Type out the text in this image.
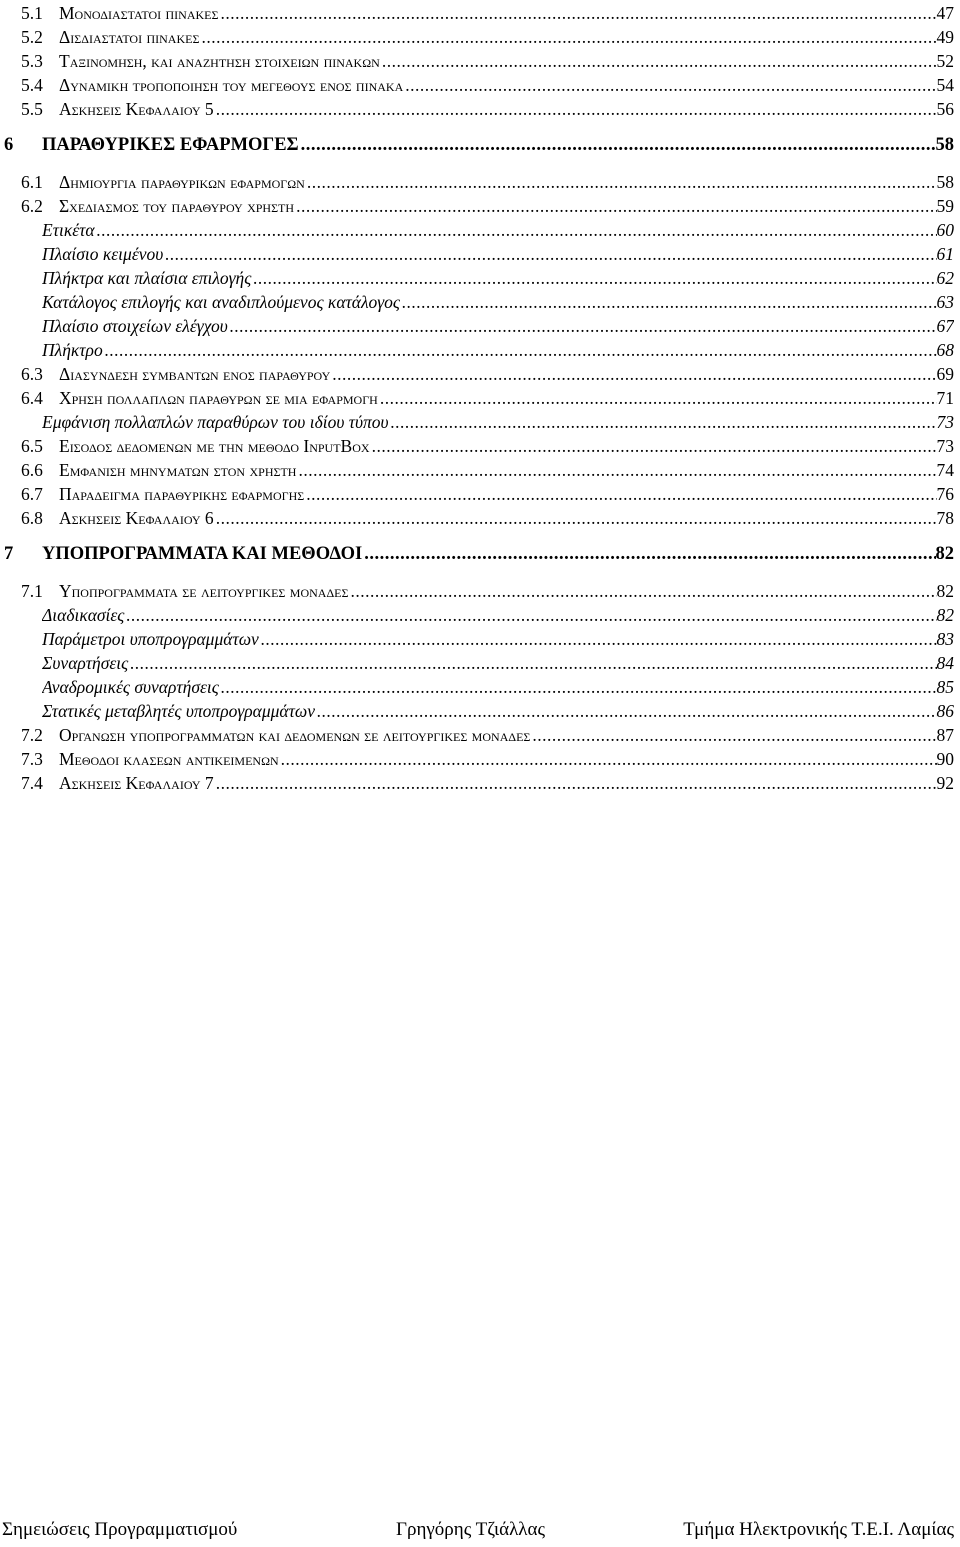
5.1 Μονοδιαστατοι πινακες .....	47
5.2 Δισδιαστατοι πινακες .....	49
5.3 Ταξινομηση, και αναζητηση στοιχειων πινακων .....	52
5.4 Δυναμικη τροποποιηση του μεγεθους ενος πινακα .....	54
5.5 Ασκησεις Κεφαλαιου 5 .....	56
6	ΠΑΡΑΘΥΡΙΚΕΣ ΕΦΑΡΜΟΓΕΣ .....	58
6.1 Δημιουργια παραθυρικων εφαρμογων .....	58
6.2 Σχεδιασμος του παραθυρου χρηστη .....	59
Ετικέτα .....	60
Πλαίσιο κειμένου .....	61
Πλήκτρα και πλαίσια επιλογής .....	62
Κατάλογος επιλογής και αναδιπλούμενος κατάλογος .....	63
Πλαίσιο στοιχείων ελέγχου .....	67
Πλήκτρο .....	68
6.3 Διασυνδεση συμβαντων ενος παραθυρου .....	69
6.4 Χρηση πολλαπλων παραθυρων σε μια εφαρμογη .....	71
Εμφάνιση πολλαπλών παραθύρων του ιδίου τύπου .....	73
6.5 Εισοδος δεδομενων με την μεθοδο InputBox .....	73
6.6 Εμφανιση μηνυματων στον χρηστη .....	74
6.7 Παραδειγμα παραθυρικης εφαρμογης .....	76
6.8 Ασκησεις Κεφαλαιου 6 .....	78
7	ΥΠΟΠΡΟΓΡΑΜΜΑΤΑ ΚΑΙ ΜΕΘΟΔΟΙ .....	82
7.1 Υποπρογραμματα σε λειτουργικες μοναδες .....	82
Διαδικασίες .....	82
Παράμετροι υποπρογραμμάτων .....	83
Συναρτήσεις .....	84
Αναδρομικές συναρτήσεις .....	85
Στατικές μεταβλητές υποπρογραμμάτων .....	86
7.2 Οργανωση υποπρογραμματων και δεδομενων σε λειτουργικες μοναδες .....	87
7.3 Μεθοδοι κλασεων αντικειμενων .....	90
7.4 Ασκησεις Κεφαλαιου 7 .....	92
Σημειώσεις Προγραμματισμού	Γρηγόρης Τζιάλλας	Τμήμα Ηλεκτρονικής Τ.Ε.Ι. Λαμίας
